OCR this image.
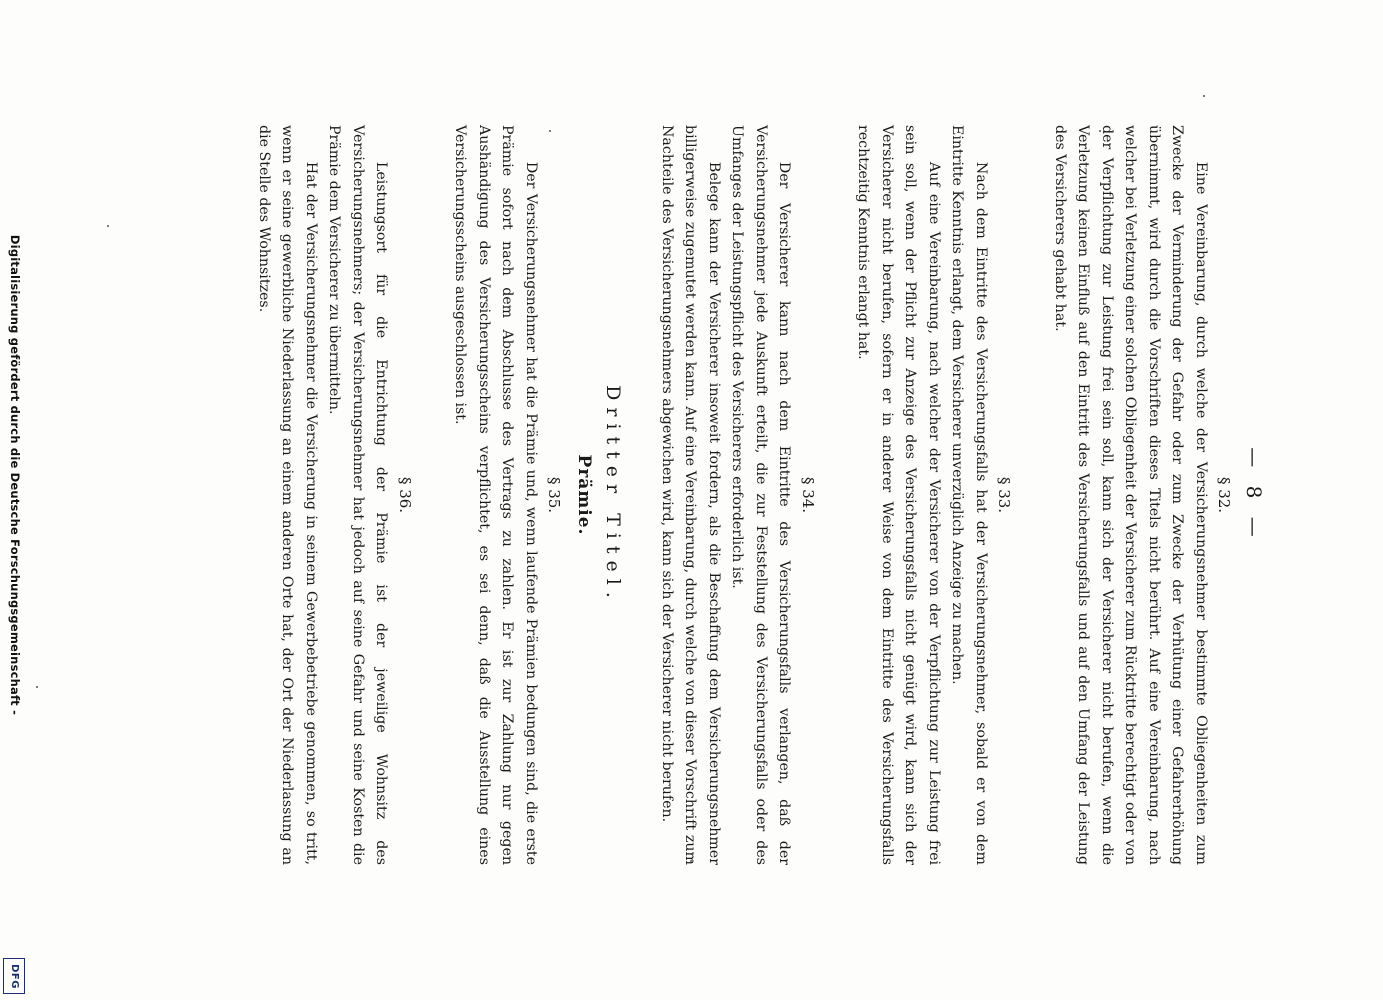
Digitalisierung gefördert durch die Deutsche Forschungsgemeinschaft -
DFG
— 8 —
§ 32.

Eine Vereinbarung, durch welche der Versicherungsnehmer bestimmte Obliegenheiten zum Zwecke der Verminderung der Gefahr oder zum Zwecke der Verhütung einer Gefahrerhöhung übernimmt, wird durch die Vorschriften dieses Titels nicht berührt. Auf eine Vereinbarung, nach welcher bei Verletzung einer solchen Obliegenheit der Versicherer zum Rücktritte berechtigt oder von der Verpflichtung zur Leistung frei sein soll, kann sich der Versicherer nicht berufen, wenn die Verletzung keinen Einfluß auf den Eintritt des Versicherungsfalls und auf den Umfang der Leistung des Versicherers gehabt hat.

§ 33.

Nach dem Eintritte des Versicherungsfalls hat der Versicherungsnehmer, sobald er von dem Eintritte Kenntnis erlangt, dem Versicherer unverzüglich Anzeige zu machen.

Auf eine Vereinbarung, nach welcher der Versicherer von der Verpflichtung zur Leistung frei sein soll, wenn der Pflicht zur Anzeige des Versicherungsfalls nicht genügt wird, kann sich der Versicherer nicht berufen, sofern er in anderer Weise von dem Eintritte des Versicherungsfalls rechtzeitig Kenntnis erlangt hat.

§ 34.

Der Versicherer kann nach dem Eintritte des Versicherungsfalls verlangen, daß der Versicherungsnehmer jede Auskunft erteilt, die zur Feststellung des Versicherungsfalls oder des Umfanges der Leistungspflicht des Versicherers erforderlich ist.

Belege kann der Versicherer insoweit fordern, als die Beschaffung dem Versicherungsnehmer billigerweise zugemutet werden kann. Auf eine Vereinbarung, durch welche von dieser Vorschrift zum Nachteile des Versicherungsnehmers abgewichen wird, kann sich der Versicherer nicht berufen.

Dritter Titel.
Prämie.
§ 35.

Der Versicherungsnehmer hat die Prämie und, wenn laufende Prämien bedungen sind, die erste Prämie sofort nach dem Abschlusse des Vertrags zu zahlen. Er ist zur Zahlung nur gegen Aushändigung des Versicherungsscheins verpflichtet, es sei denn, daß die Ausstellung eines Versicherungsscheins ausgeschlossen ist.

§ 36.

Leistungsort für die Entrichtung der Prämie ist der jeweilige Wohnsitz des Versicherungsnehmers; der Versicherungsnehmer hat jedoch auf seine Gefahr und seine Kosten die Prämie dem Versicherer zu übermitteln.

Hat der Versicherungsnehmer die Versicherung in seinem Gewerbebetriebe genommen, so tritt, wenn er seine gewerbliche Niederlassung an einem anderen Orte hat, der Ort der Niederlassung an die Stelle des Wohnsitzes.
